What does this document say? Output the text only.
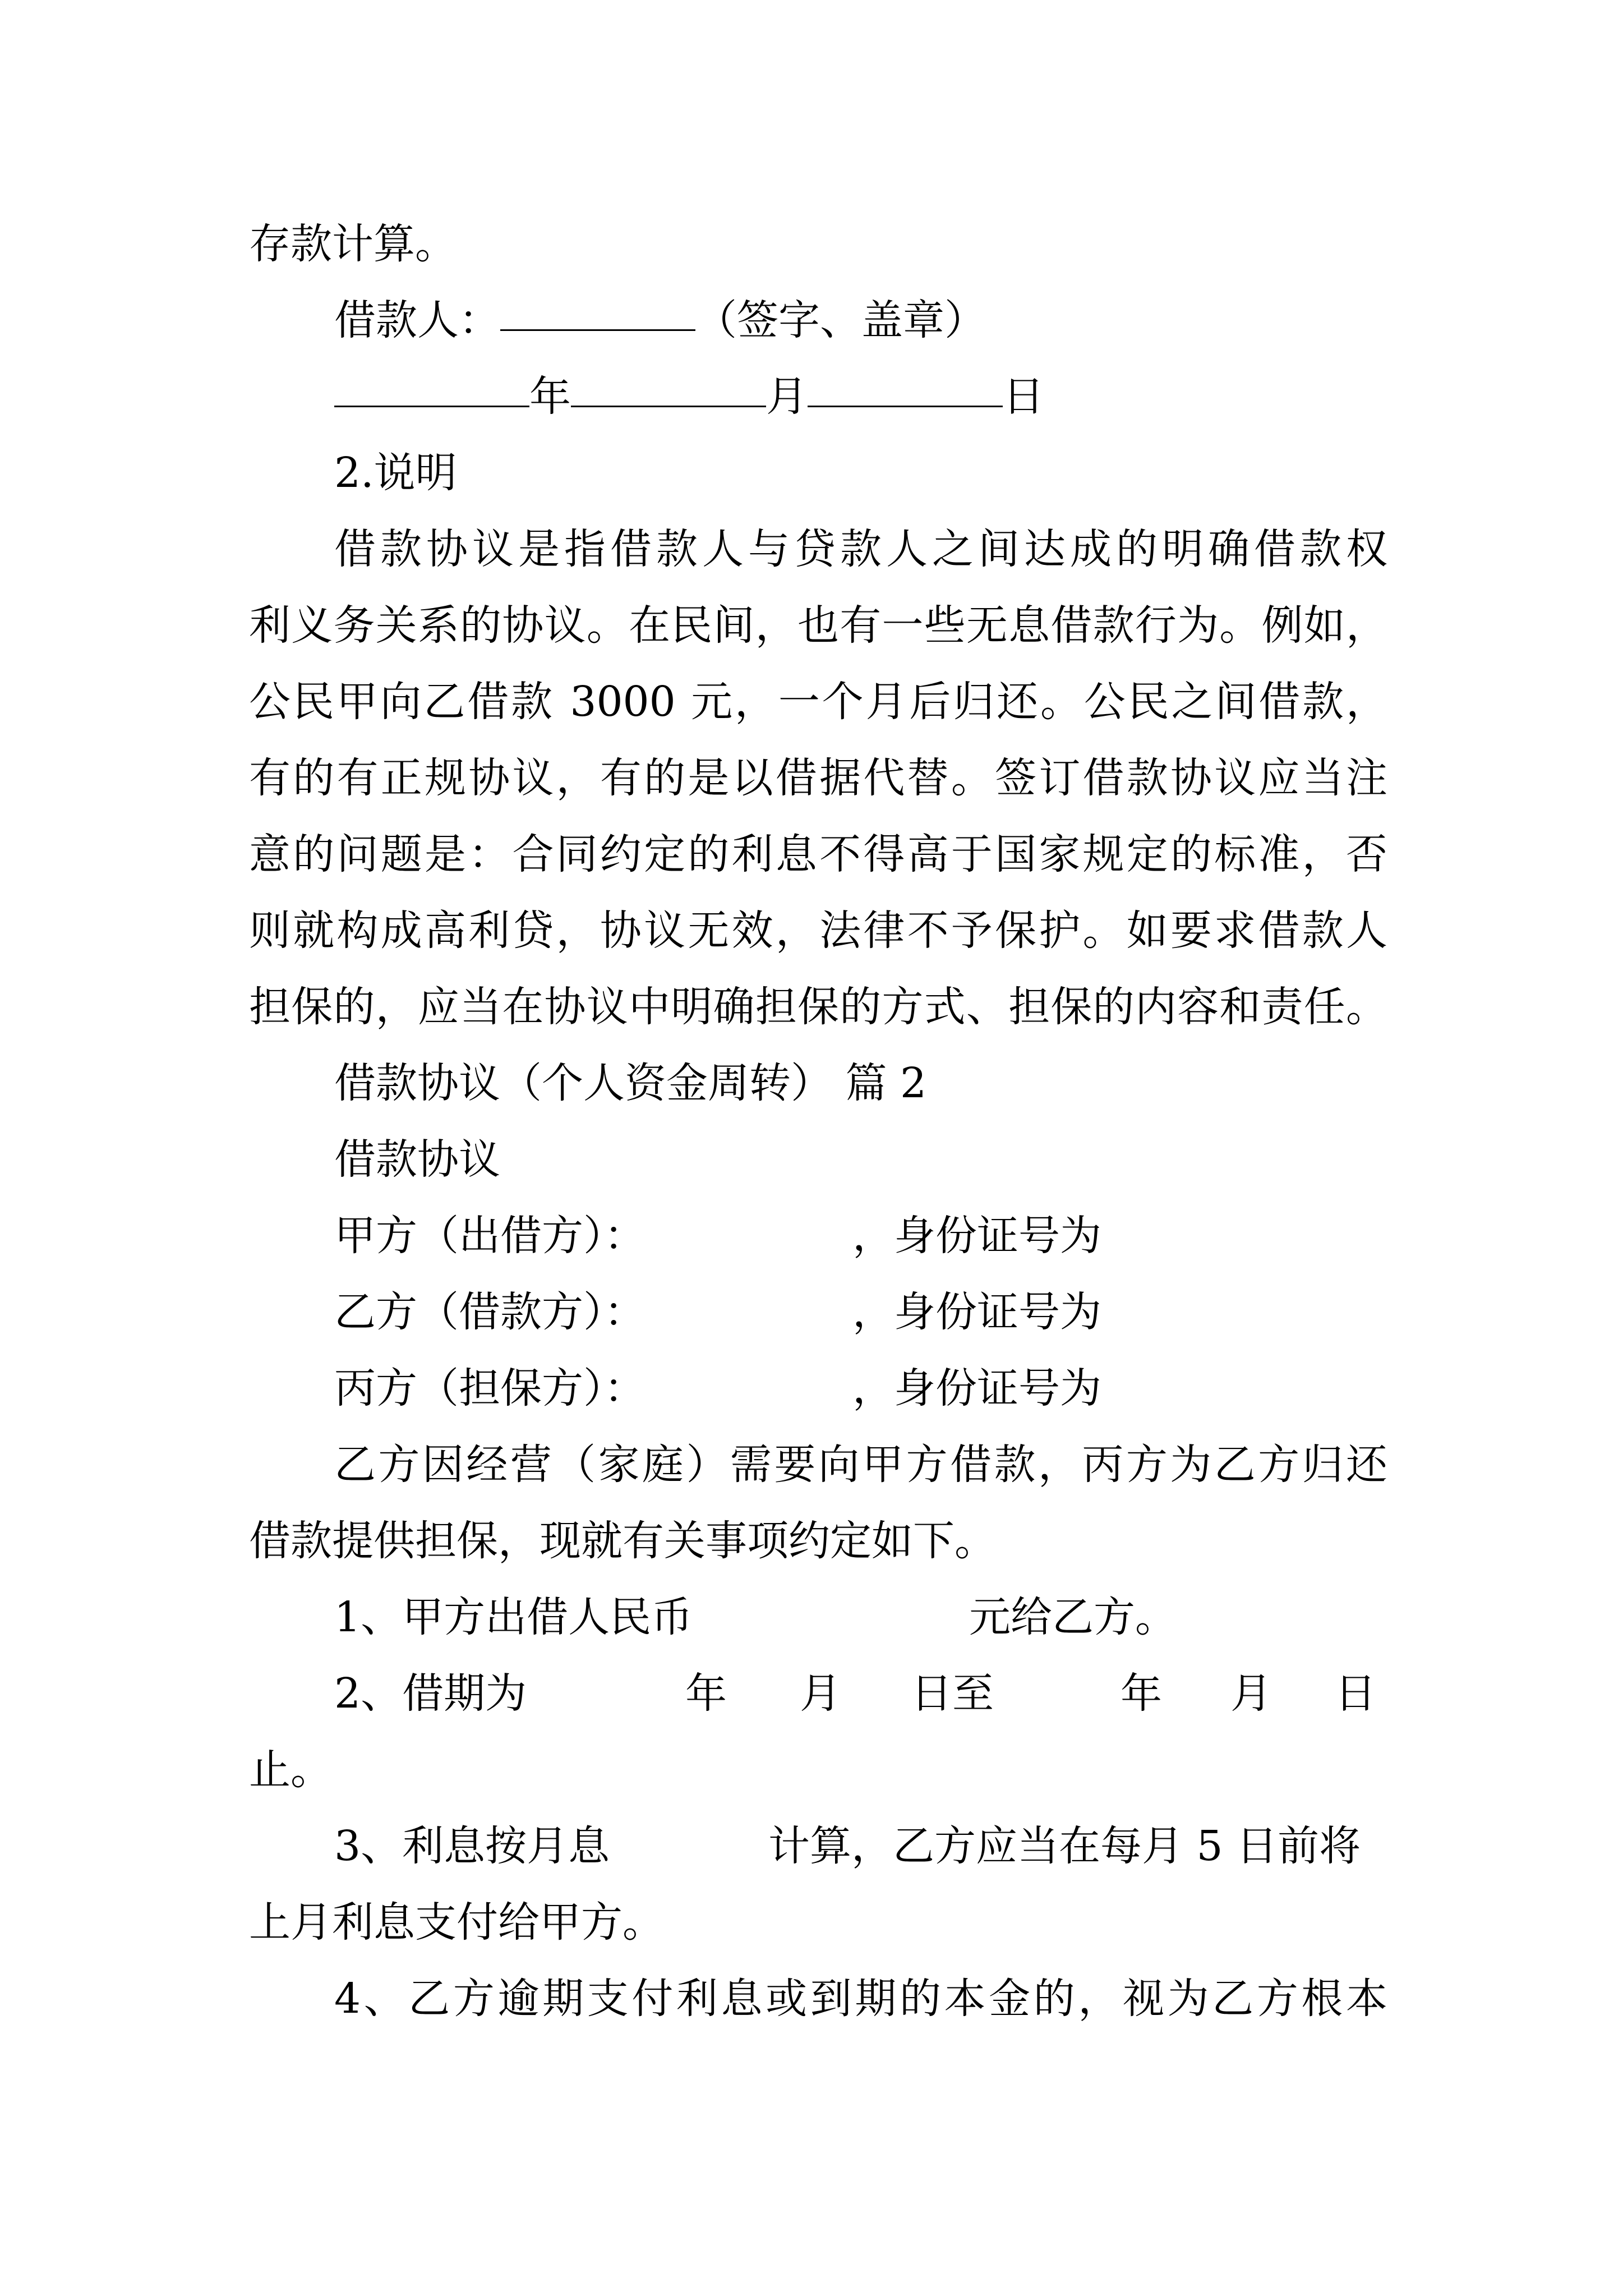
存款计算。
借款人：	（签字、盖章）
年	月	日
2.说明
借款协议是指借款人与贷款人之间达成的明确借款权
利义务关系的协议。在民间，也有一些无息借款行为。例如，
公民甲向乙借款 3000 元，一个月后归还。公民之间借款，
有的有正规协议，有的是以借据代替。签订借款协议应当注
意的问题是：合同约定的利息不得高于国家规定的标准，否
则就构成高利贷，协议无效，法律不予保护。如要求借款人
担保的，应当在协议中明确担保的方式、担保的内容和责任。
借款协议（个人资金周转） 篇 2
借款协议
甲方（出借方）：	，身份证号为
乙方（借款方）：	，身份证号为
丙方（担保方）：	，身份证号为
乙方因经营（家庭）需要向甲方借款，丙方为乙方归还
借款提供担保，现就有关事项约定如下。
1、甲方出借人民币	元给乙方。
2、借期为	年 月 日至	年 月 日
止。
3、利息按月息	计算，乙方应当在每月 5 日前将
上月利息支付给甲方。
4、乙方逾期支付利息或到期的本金的，视为乙方根本
